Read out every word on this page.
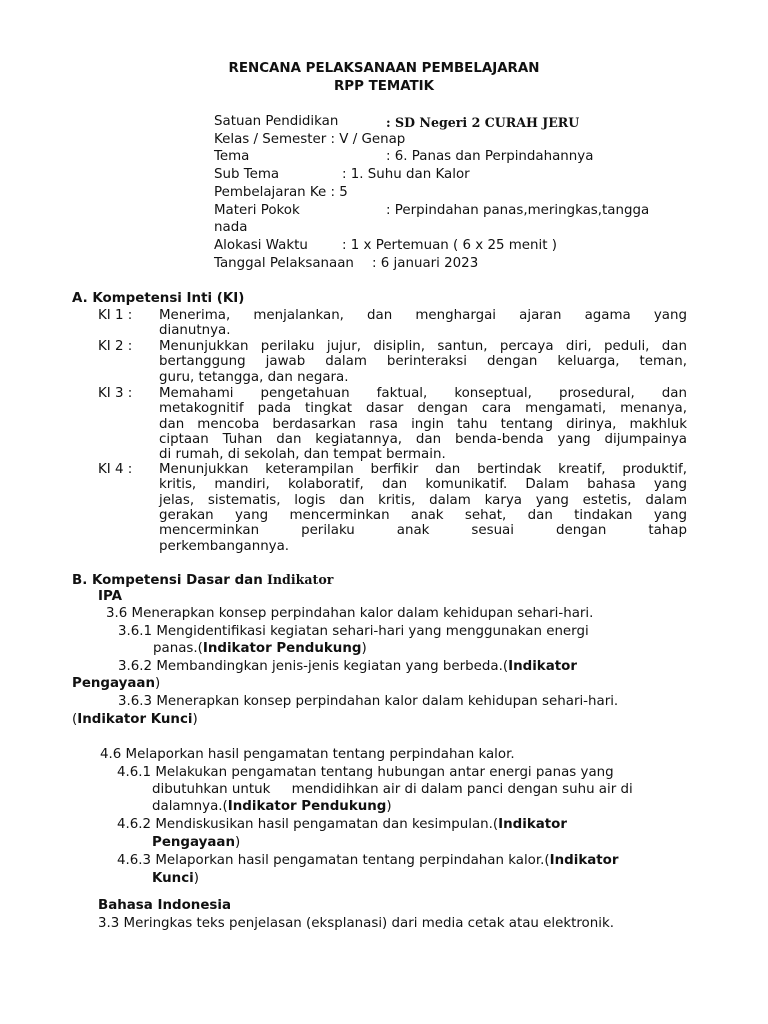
RENCANA PELAKSANAAN PEMBELAJARAN
RPP TEMATIK
Satuan Pendidikan	: SD Negeri 2 CURAH JERU
Kelas / Semester : V / Genap
Tema	: 6. Panas dan Perpindahannya
Sub Tema	: 1. Suhu dan Kalor
Pembelajaran Ke : 5
Materi Pokok	: Perpindahan panas,meringkas,tangga
nada
Alokasi Waktu	: 1 x Pertemuan ( 6 x 25 menit )
Tanggal Pelaksanaan : 6 januari 2023
A. Kompetensi Inti (KI)
KI 1 : Menerima, menjalankan, dan menghargai ajaran agama yang
dianutnya.
KI 2 : Menunjukkan perilaku jujur, disiplin, santun, percaya diri, peduli, dan
bertanggung jawab dalam berinteraksi dengan keluarga, teman,
guru, tetangga, dan negara.
KI 3 : Memahami pengetahuan faktual, konseptual, prosedural, dan
metakognitif pada tingkat dasar dengan cara mengamati, menanya,
dan mencoba berdasarkan rasa ingin tahu tentang dirinya, makhluk
ciptaan Tuhan dan kegiatannya, dan benda-benda yang dijumpainya
di rumah, di sekolah, dan tempat bermain.
KI 4 : Menunjukkan keterampilan berfikir dan bertindak kreatif, produktif,
kritis, mandiri, kolaboratif, dan komunikatif. Dalam bahasa yang
jelas, sistematis, logis dan kritis, dalam karya yang estetis, dalam
gerakan yang mencerminkan anak sehat, dan tindakan yang
mencerminkan perilaku anak sesuai dengan tahap
perkembangannya.
B. Kompetensi Dasar dan Indikator
IPA
3.6 Menerapkan konsep perpindahan kalor dalam kehidupan sehari-hari.
3.6.1 Mengidentifikasi kegiatan sehari-hari yang menggunakan energi
panas.(Indikator Pendukung)
3.6.2 Membandingkan jenis-jenis kegiatan yang berbeda.(Indikator
Pengayaan)
3.6.3 Menerapkan konsep perpindahan kalor dalam kehidupan sehari-hari.
(Indikator Kunci)
4.6 Melaporkan hasil pengamatan tentang perpindahan kalor.
4.6.1 Melakukan pengamatan tentang hubungan antar energi panas yang
dibutuhkan untuk     mendidihkan air di dalam panci dengan suhu air di
dalamnya.(Indikator Pendukung)
4.6.2 Mendiskusikan hasil pengamatan dan kesimpulan.(Indikator
Pengayaan)
4.6.3 Melaporkan hasil pengamatan tentang perpindahan kalor.(Indikator
Kunci)
Bahasa Indonesia
3.3 Meringkas teks penjelasan (eksplanasi) dari media cetak atau elektronik.
